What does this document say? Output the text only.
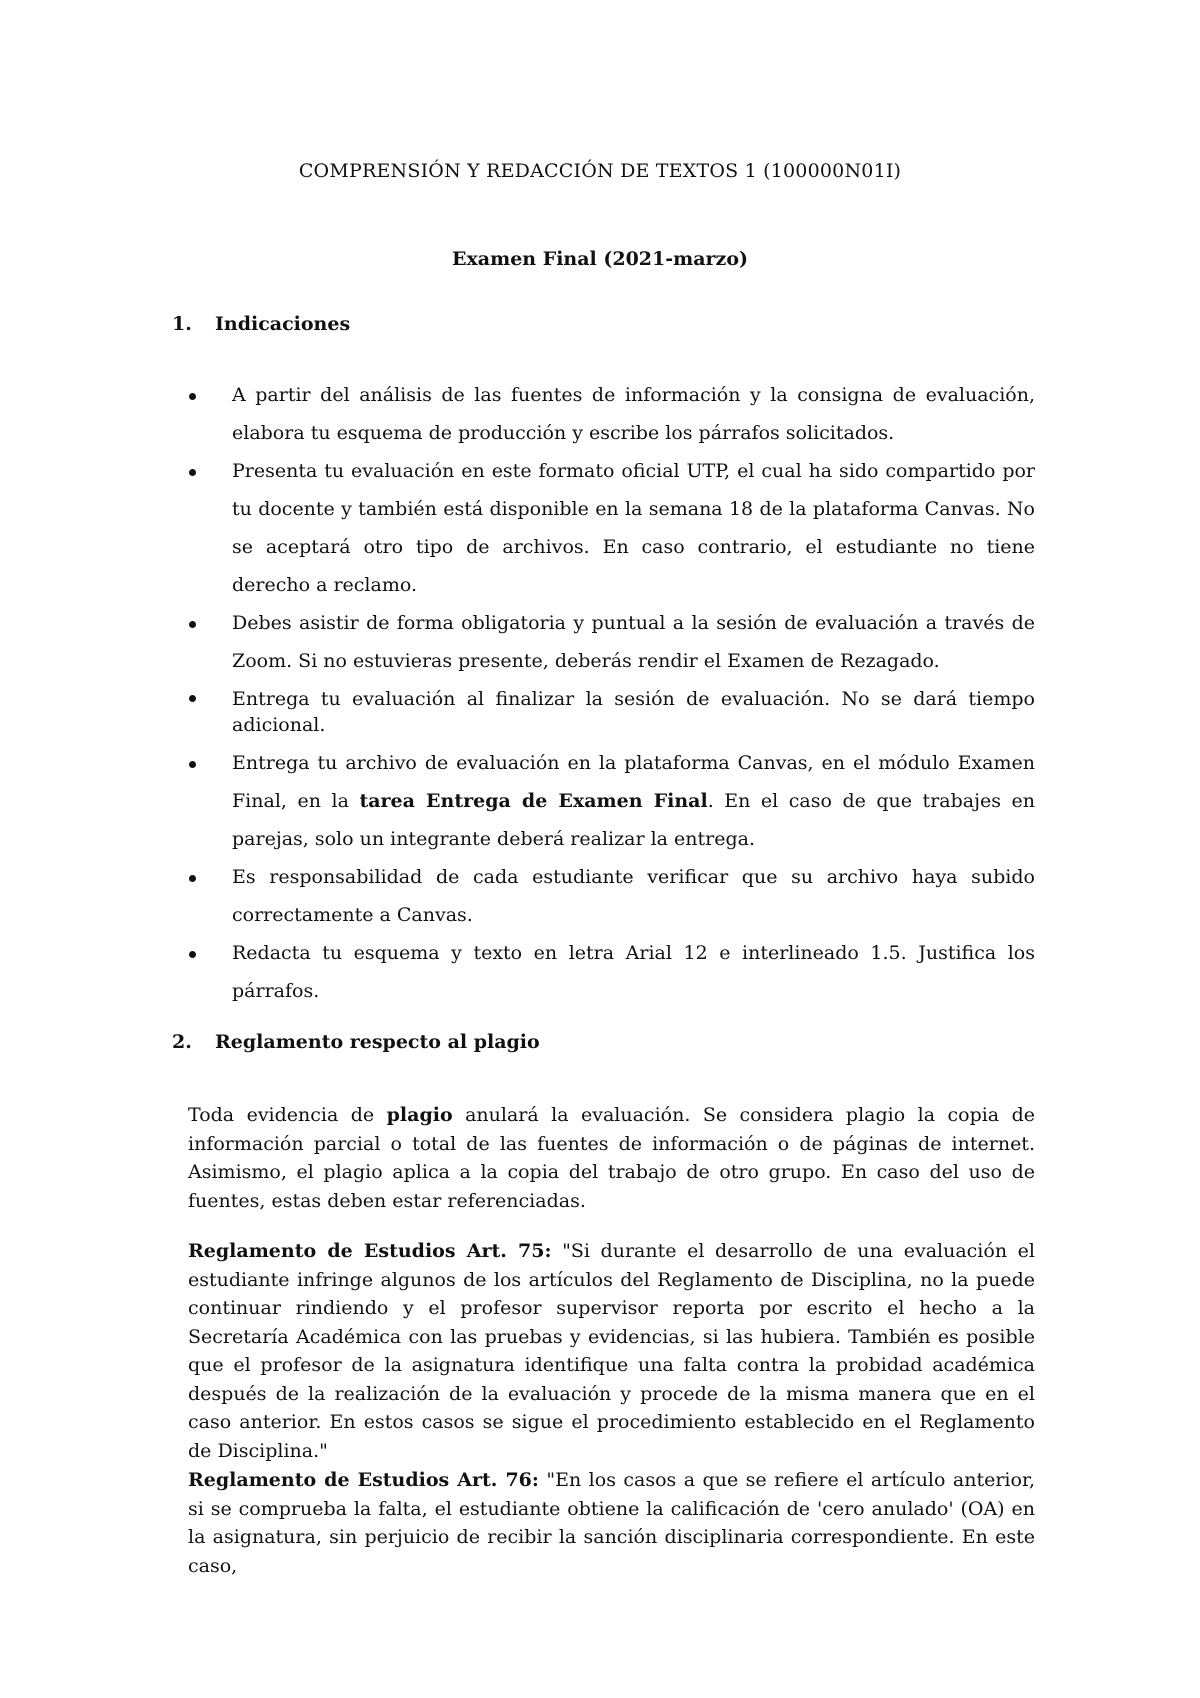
COMPRENSIÓN Y REDACCIÓN DE TEXTOS 1 (100000N01I)
Examen Final (2021-marzo)
1. Indicaciones
A partir del análisis de las fuentes de información y la consigna de evaluación, elabora tu esquema de producción y escribe los párrafos solicitados.
Presenta tu evaluación en este formato oficial UTP, el cual ha sido compartido por tu docente y también está disponible en la semana 18 de la plataforma Canvas. No se aceptará otro tipo de archivos. En caso contrario, el estudiante no tiene derecho a reclamo.
Debes asistir de forma obligatoria y puntual a la sesión de evaluación a través de Zoom. Si no estuvieras presente, deberás rendir el Examen de Rezagado.
Entrega tu evaluación al finalizar la sesión de evaluación. No se dará tiempo adicional.
Entrega tu archivo de evaluación en la plataforma Canvas, en el módulo Examen Final, en la tarea Entrega de Examen Final. En el caso de que trabajes en parejas, solo un integrante deberá realizar la entrega.
Es responsabilidad de cada estudiante verificar que su archivo haya subido correctamente a Canvas.
Redacta tu esquema y texto en letra Arial 12 e interlineado 1.5. Justifica los párrafos.
2. Reglamento respecto al plagio

Toda evidencia de plagio anulará la evaluación. Se considera plagio la copia de información parcial o total de las fuentes de información o de páginas de internet. Asimismo, el plagio aplica a la copia del trabajo de otro grupo. En caso del uso de fuentes, estas deben estar referenciadas.

Reglamento de Estudios Art. 75: "Si durante el desarrollo de una evaluación el estudiante infringe algunos de los artículos del Reglamento de Disciplina, no la puede continuar rindiendo y el profesor supervisor reporta por escrito el hecho a la Secretaría Académica con las pruebas y evidencias, si las hubiera. También es posible que el profesor de la asignatura identifique una falta contra la probidad académica después de la realización de la evaluación y procede de la misma manera que en el caso anterior. En estos casos se sigue el procedimiento establecido en el Reglamento de Disciplina."

Reglamento de Estudios Art. 76: "En los casos a que se refiere el artículo anterior, si se comprueba la falta, el estudiante obtiene la calificación de 'cero anulado' (OA) en la asignatura, sin perjuicio de recibir la sanción disciplinaria correspondiente. En este caso,
